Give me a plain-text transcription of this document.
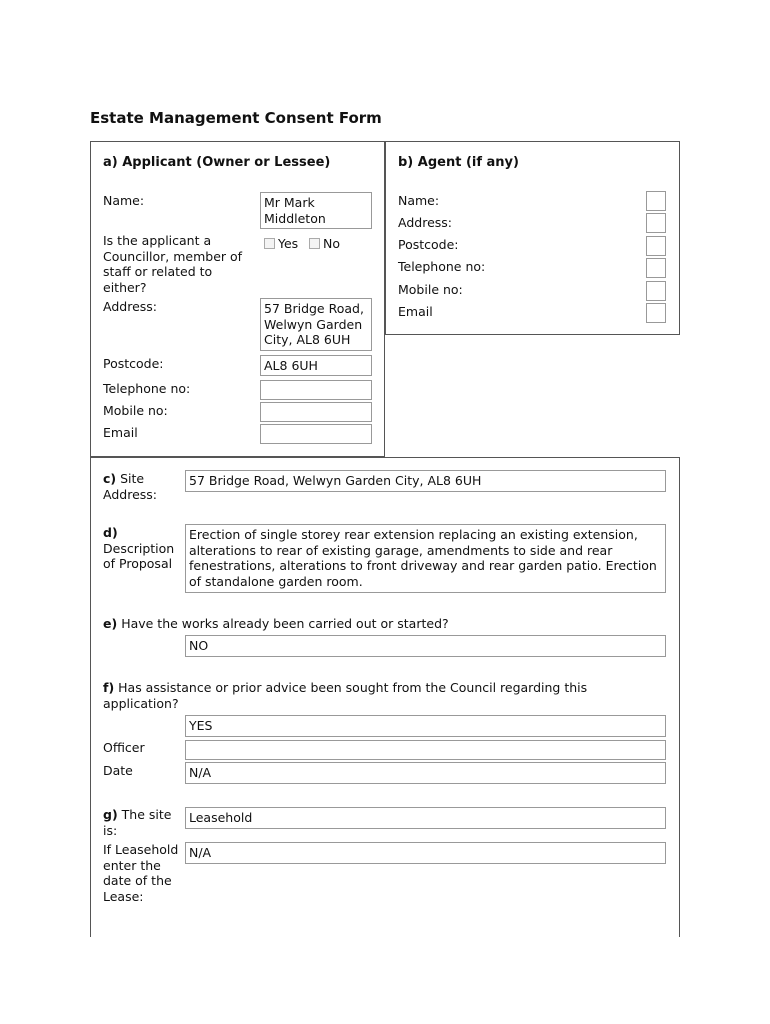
Estate Management Consent Form
a) Applicant (Owner or Lessee)
Name:	Mr Mark Middleton
Is the applicant a Councillor, member of staff or related to either?
Yes	No
Address:	57 Bridge Road, Welwyn Garden City, AL8 6UH
Postcode:	AL8 6UH
Telephone no:
Mobile no:
Email
b) Agent (if any)
Name:
Address:
Postcode:
Telephone no:
Mobile no:
Email
c) Site Address:
57 Bridge Road, Welwyn Garden City, AL8 6UH
d)
Description of Proposal
Erection of single storey rear extension replacing an existing extension, alterations to rear of existing garage, amendments to side and rear fenestrations, alterations to front driveway and rear garden patio. Erection of standalone garden room.
e) Have the works already been carried out or started?
NO
f) Has assistance or prior advice been sought from the Council regarding this application?
YES
Officer
Date	N/A
g) The site is:
Leasehold
If Leasehold enter the date of the Lease:
N/A
